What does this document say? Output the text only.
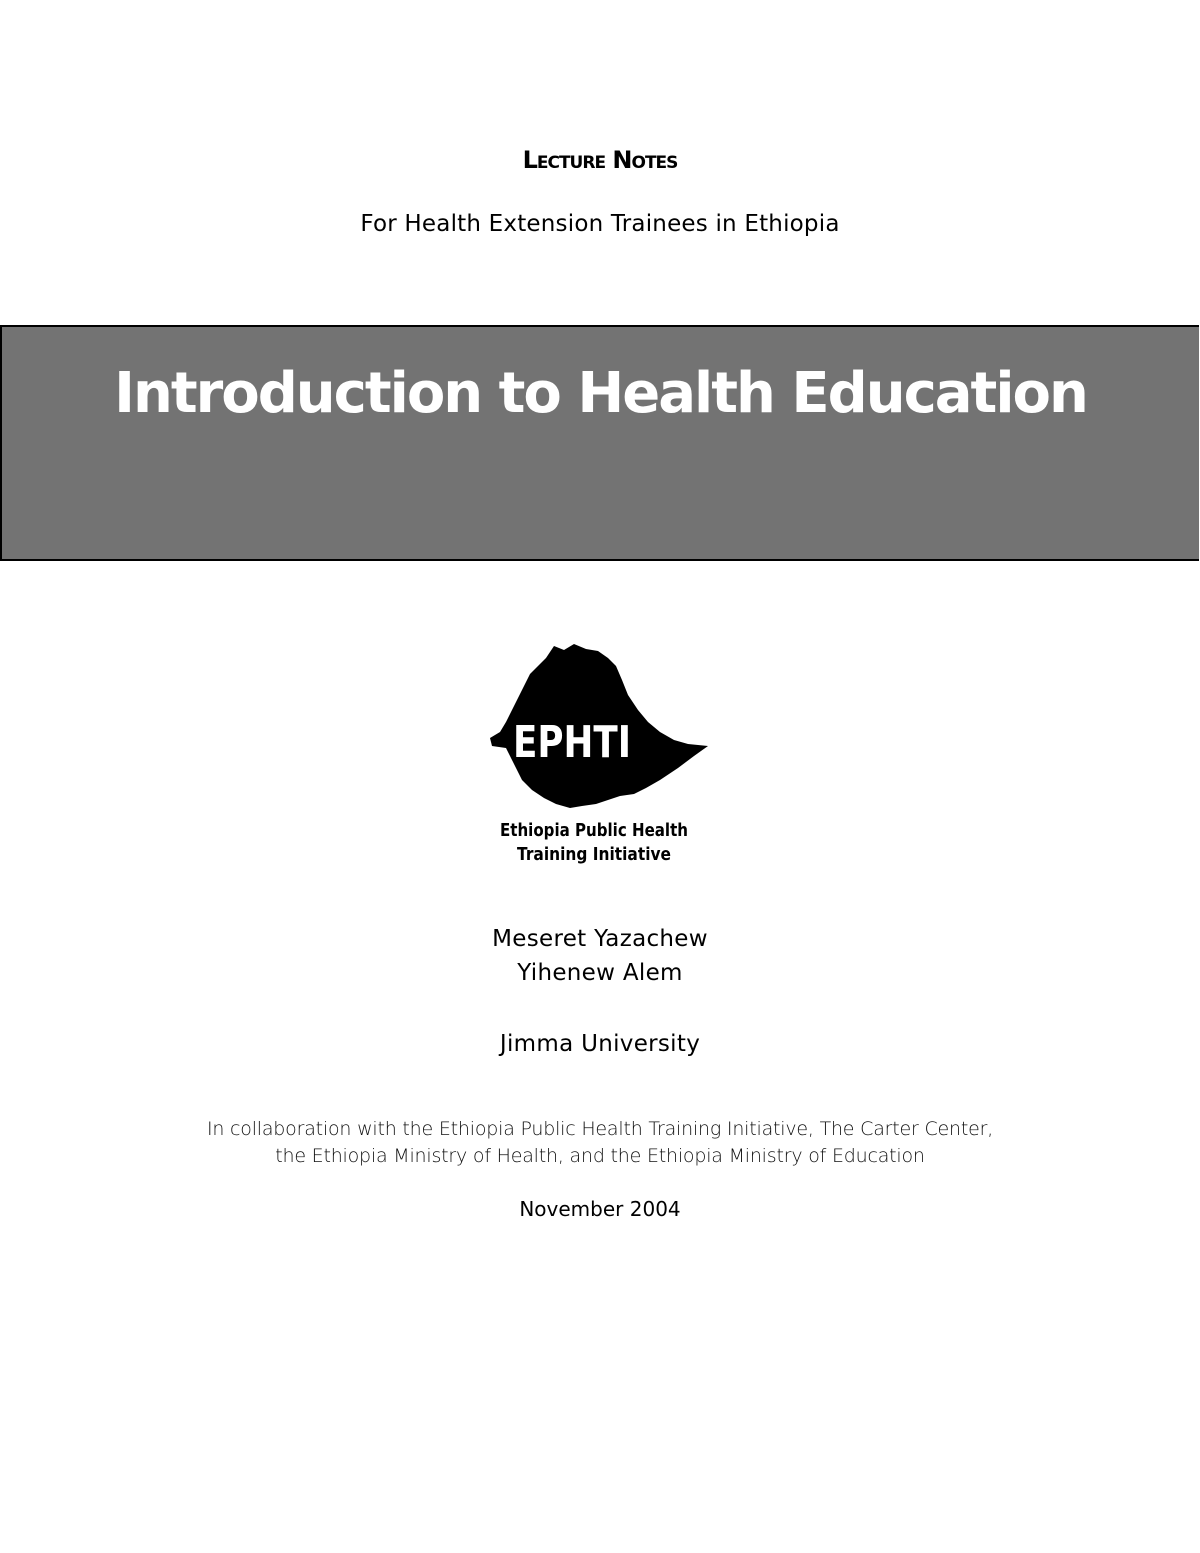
Lecture Notes
For Health Extension Trainees in Ethiopia
Introduction to Health Education
EPHTI
Ethiopia Public Health
Training Initiative
Meseret Yazachew
Yihenew Alem
Jimma University
In collaboration with the Ethiopia Public Health Training Initiative, The Carter Center,
the Ethiopia Ministry of Health, and the Ethiopia Ministry of Education
November 2004
